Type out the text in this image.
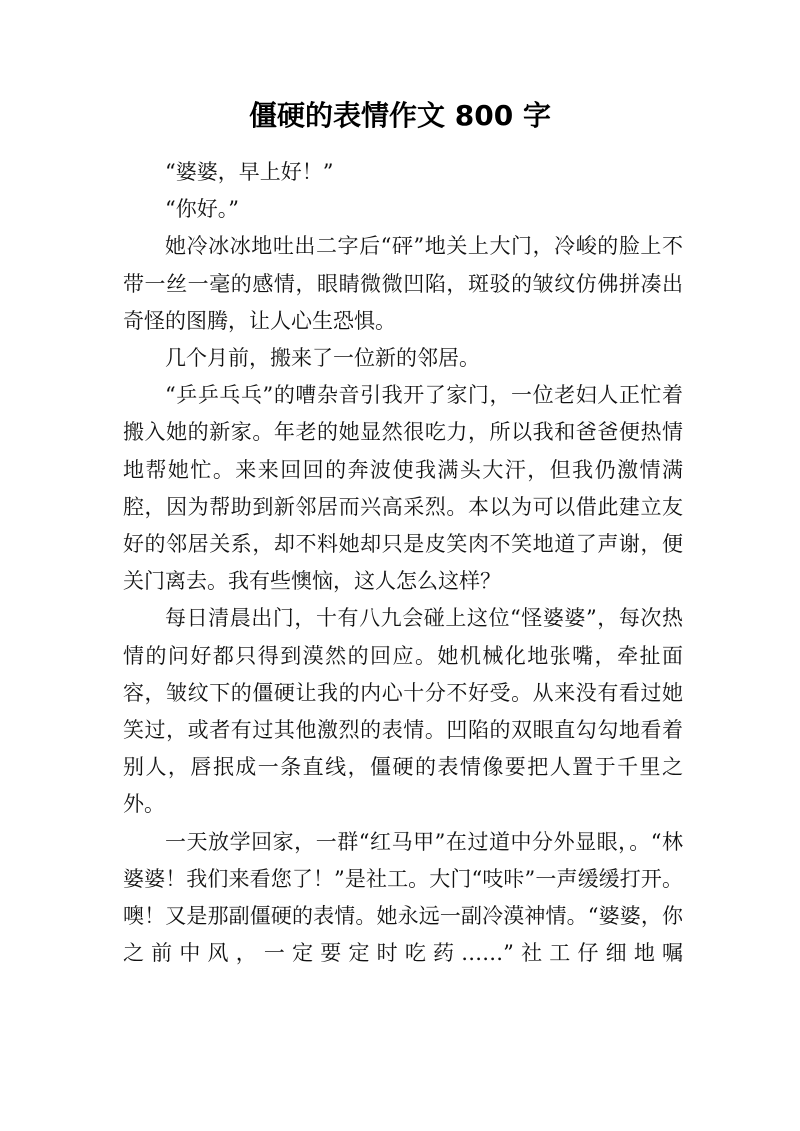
僵硬的表情作文 800 字

“婆婆，早上好！”

“你好。”

她冷冰冰地吐出二字后“砰”地关上大门，冷峻的脸上不带一丝一毫的感情，眼睛微微凹陷，斑驳的皱纹仿佛拼凑出奇怪的图腾，让人心生恐惧。

几个月前，搬来了一位新的邻居。

“乒乒乓乓”的嘈杂音引我开了家门，一位老妇人正忙着搬入她的新家。年老的她显然很吃力，所以我和爸爸便热情地帮她忙。来来回回的奔波使我满头大汗，但我仍激情满腔，因为帮助到新邻居而兴高采烈。本以为可以借此建立友好的邻居关系，却不料她却只是皮笑肉不笑地道了声谢，便关门离去。我有些懊恼，这人怎么这样？

每日清晨出门，十有八九会碰上这位“怪婆婆”，每次热情的问好都只得到漠然的回应。她机械化地张嘴，牵扯面容，皱纹下的僵硬让我的内心十分不好受。从来没有看过她笑过，或者有过其他激烈的表情。凹陷的双眼直勾勾地看着别人，唇抿成一条直线，僵硬的表情像要把人置于千里之外。

一天放学回家，一群“红马甲”在过道中分外显眼，。“林婆婆！我们来看您了！”是社工。大门“吱咔”一声缓缓打开。噢！又是那副僵硬的表情。她永远一副冷漠神情。“婆婆，你之前中风，一定要定时吃药……”社工仔细地嘱
